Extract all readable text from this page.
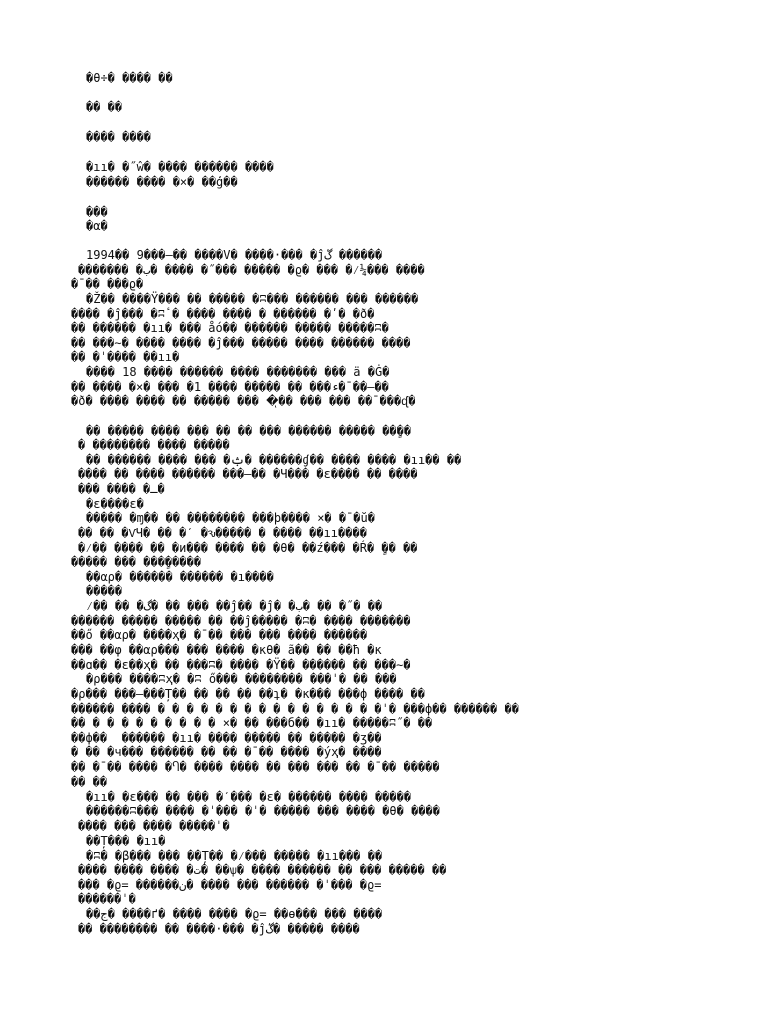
�θ÷� ���� ��
�� ��
���� ����
�ıı� �˝ŵ� ���� ������ ����
������ ���� �×� ��ģ��
���
�α�
1994�� 9���—�� ����V� ����·��� �ĵ̕گ ������
������� �ب� ���� �˝��� ����� �ϱ� ��� �⁄¼��� ����
�¯�� ���ϱ�
�Ž�� ����Ÿ��� �� ����� �ʭ��� ������ ��� ������
���� �ĵ��� �ʭٴ� ���� ���� � ������ �ʹ� �ð�
�� ������ �ıı� ��� åó�� ������ ����� �����ʭ�
�� ���∼� ���� ���� �ĵ��� ����� ���� ������ ����
�� �ˈ���� ��ıı�
���� 18 ���� ������ ���� ������� ��� ä �Ġ�
�� ���� �×� ��� �1 ���� ����� �� ���ء�¯��—��
�ð� ���� ���� �� ����� ��� �ͅ�� ��� ��� ��¯���ᶑ�
�� ����� ���� ��� �� �� ��� ������ ����� ���ٍ�
� �������� ���� �����
�� ������ ���� ��� �ݑ� ������ɠ�� ���� ���� �ıı�� ��
���� �� ���� ������ ���—�� �Ч��� �ε���� �� ����
��� ���� �ـ�
�ε����ε�
����� �ɱ�� �� �������� ���þ���� ×� �¯�ŭ�
�� �� �ѴЧ� �� �ˊ �ԅ����� � ���� ��ıı����
�⁄�� ���� �� �ͷ��� ���� �� �θ� ��ź��� �Ŕ� �ٍ� ��
����� ��� ����ٍ����
��αρ� ������ ������ �ı����
�����
⁄�� �� �گ� �� ��� ��ĵ�� �ĵ� �ب� �� �˝� ��
������ ����� ����� �� ��ĵ����� �ʭ� ���� �������
��ő ��αρ� ����ҳ� �¯�� ��� ��� ���� ������
��� ��φ ��αρ��� ��� ���� �κθ� ã�� �� ��ħ �κ
��ɑ�� �ɛ��ҳ� �� ���ʭ� ���� �Ϋ�� ������ �� ���∼�
�ρ��� ����ʭҳ� �ʭ ő��� �������� ���ˈ� �� ���
�ρ��� ���—���Ț�� �� �� �� ��ʇ� �κ��� ���ф ���� ��
������ ���� � � � � � � � � � � � � � � � �ˈ� ���ф�� ������ ��
�� � � � � � � � � � ×� �� ���б�� �ıı� �����ʭ˝� ��
��ф��  ������ �ıı� ���� ����� �� ����� �ʒ��
� �� �ч��� ������ �� �� �¯�� ���� �ýҳ� ����
�� �¯�� ���� �Ⴄ� ���� ���� �� ��� ��� �� �¯�� �����
�� ��
�ıı� �ε��� �� ��� �ˊ��� �ε� ������ ���� �����
������ʭ��� ���� �ˈ��� �ˈ� ����� ��� ���� �θ� ����
���� ��� ���� �����ˈ�
��Ț��� �ıı�
�ʭ� �β��� ��� ��Ț�� �⁄��� ����� �ıı��� ��
���� ���� ���� �ت� ��ѱ� ���� ������ �� ��� ����� ��
��� �ϱ= ������ن� ���� ��� ������ �ˈ��� �ϱ=
������ˈ�
��ج� ����ґ� ���� ���� �ϱ= ��ѳ��� ��� ����
�� �������� �� ����·��� �ĵ̕گ� ����� ����
